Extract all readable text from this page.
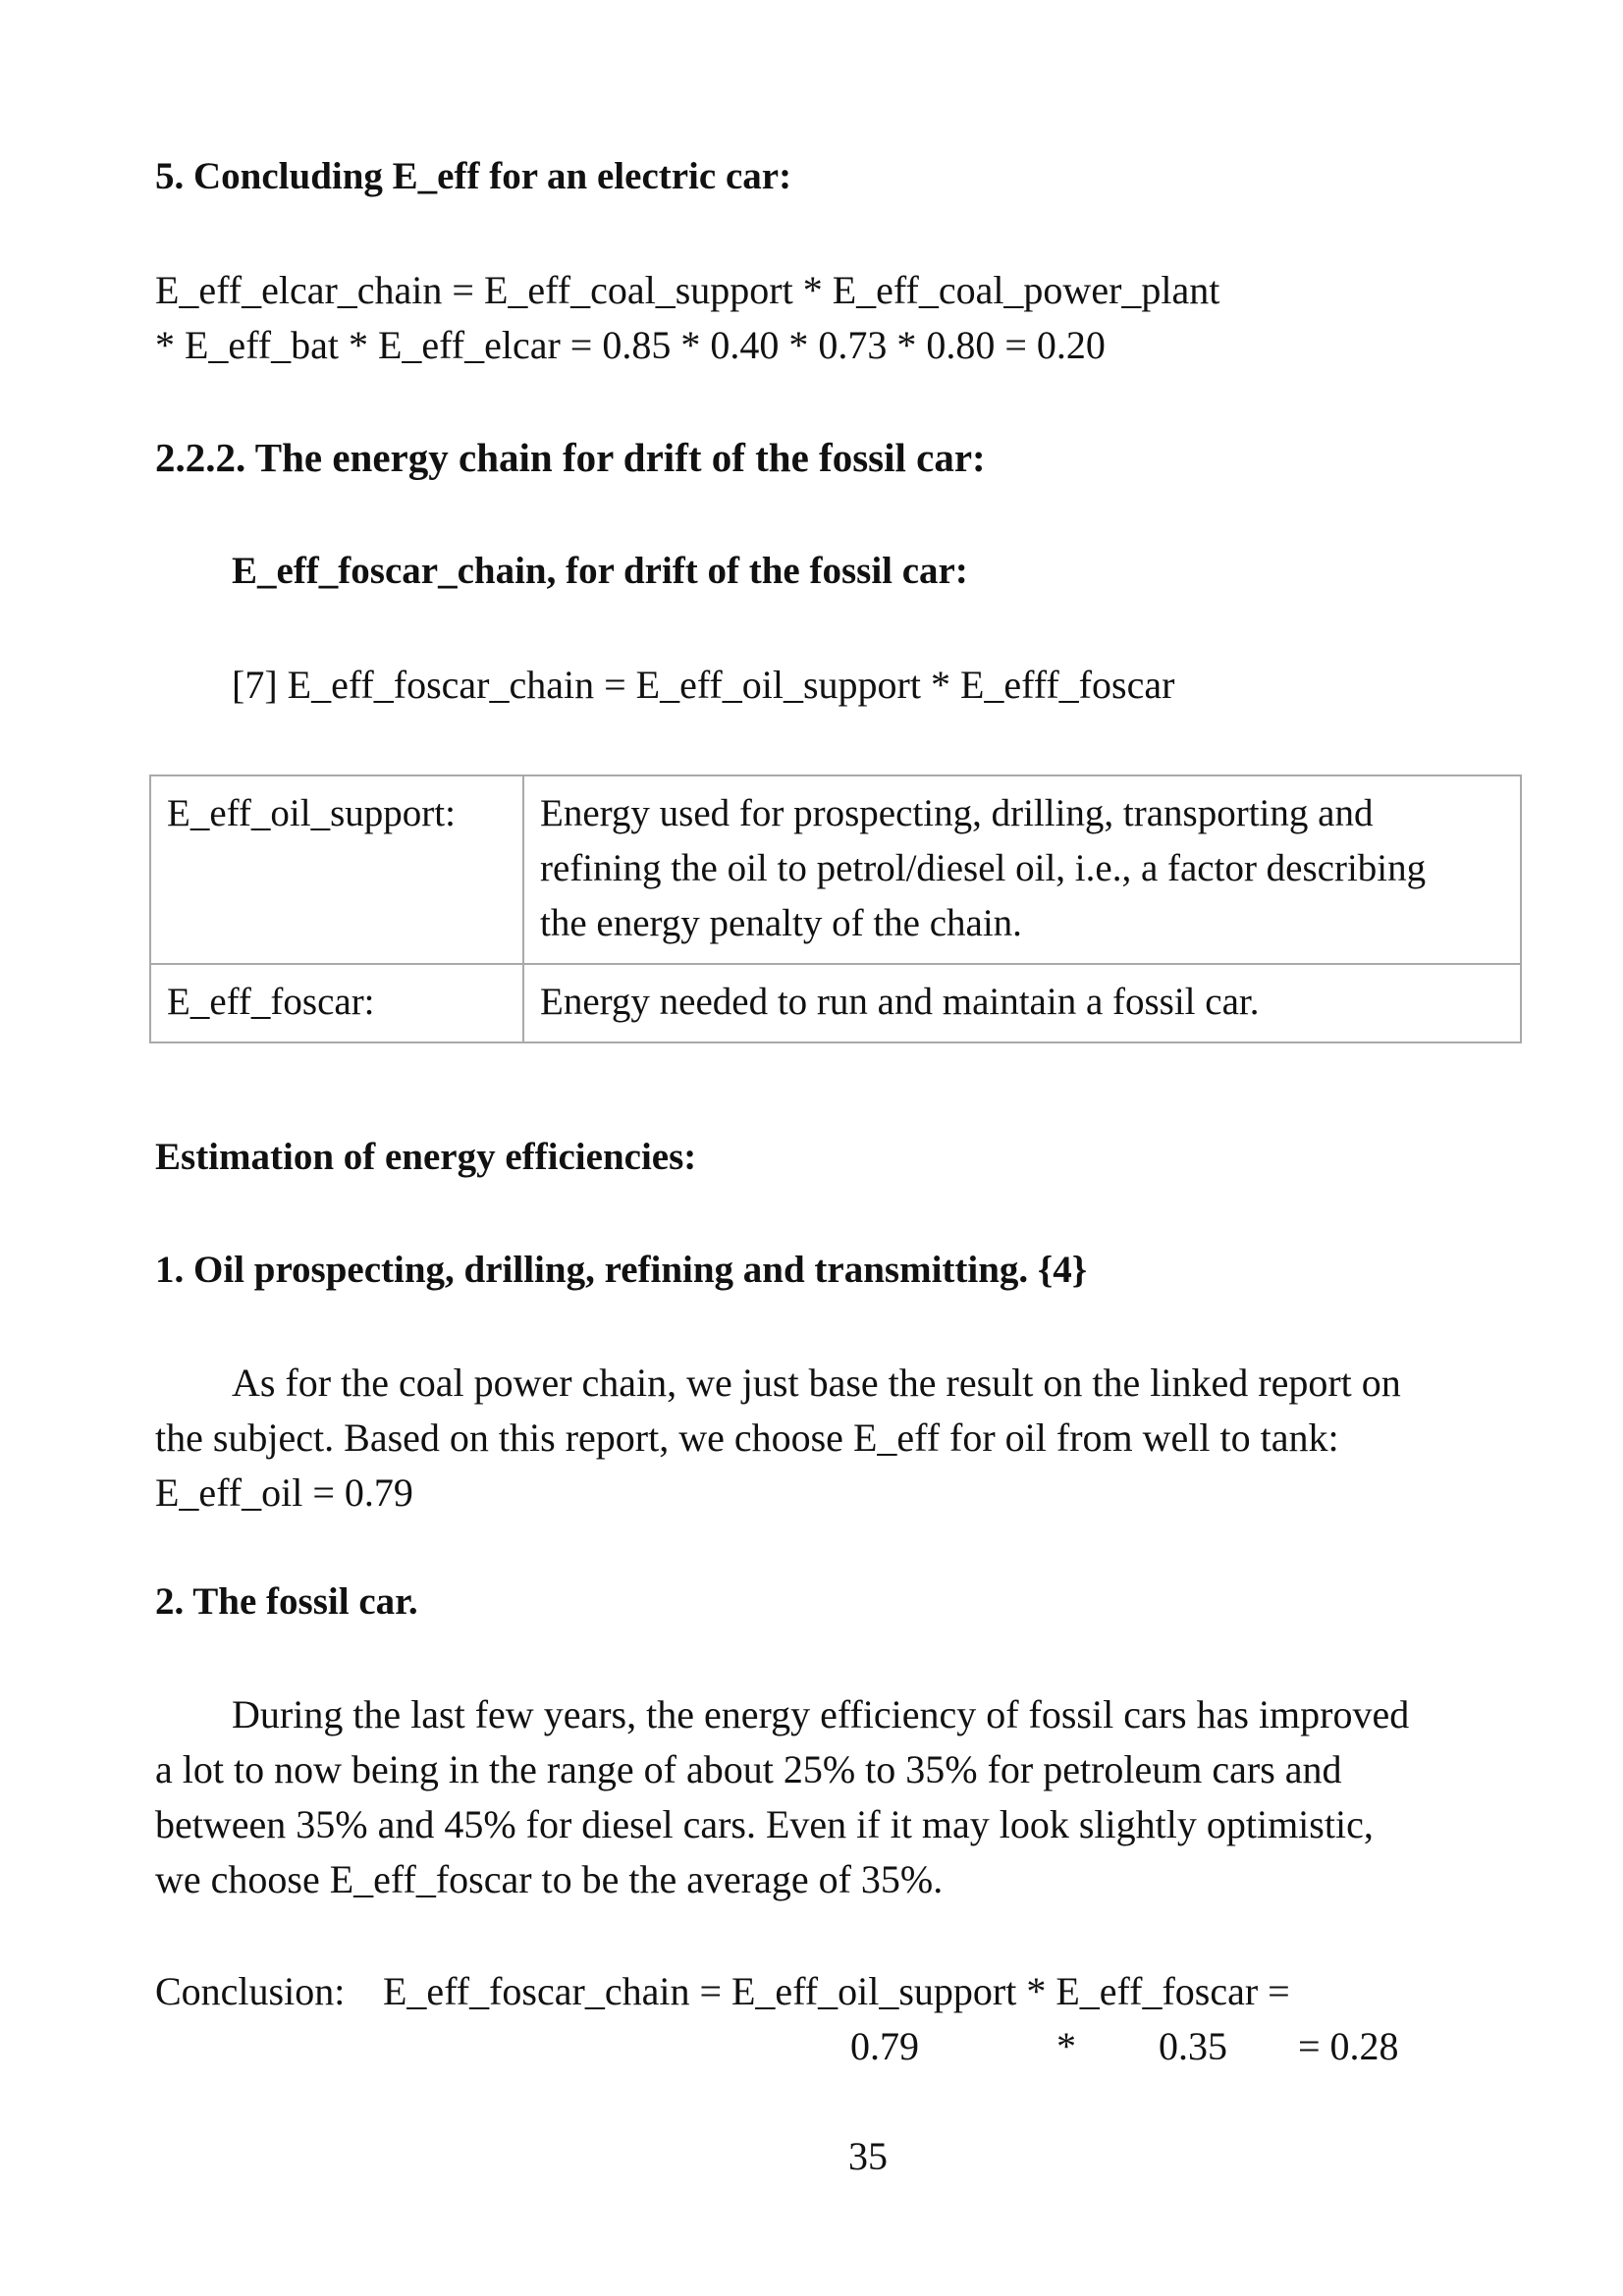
5. Concluding E_eff for an electric car:
E_eff_elcar_chain = E_eff_coal_support * E_eff_coal_power_plant
* E_eff_bat * E_eff_elcar = 0.85 * 0.40 * 0.73 * 0.80 = 0.20
2.2.2. The energy chain for drift of the fossil car:
E_eff_foscar_chain, for drift of the fossil car:
[7] E_eff_foscar_chain = E_eff_oil_support * E_efff_foscar
E_eff_oil_support:	Energy used for prospecting, drilling, transporting and
refining the oil to petrol/diesel oil, i.e., a factor describing
the energy penalty of the chain.

E_eff_foscar:	Energy needed to run and maintain a fossil car.
Estimation of energy efficiencies:
1. Oil prospecting, drilling, refining and transmitting. {4}
As for the coal power chain, we just base the result on the linked report on
the subject. Based on this report, we choose E_eff for oil from well to tank:
E_eff_oil = 0.79
2. The fossil car.
During the last few years, the energy efficiency of fossil cars has improved
a lot to now being in the range of about 25% to 35% for petroleum cars and
between 35% and 45% for diesel cars. Even if it may look slightly optimistic,
we choose E_eff_foscar to be the average of 35%.
Conclusion: E_eff_foscar_chain = E_eff_oil_support * E_eff_foscar =
0.79	* 0.35 = 0.28
35
